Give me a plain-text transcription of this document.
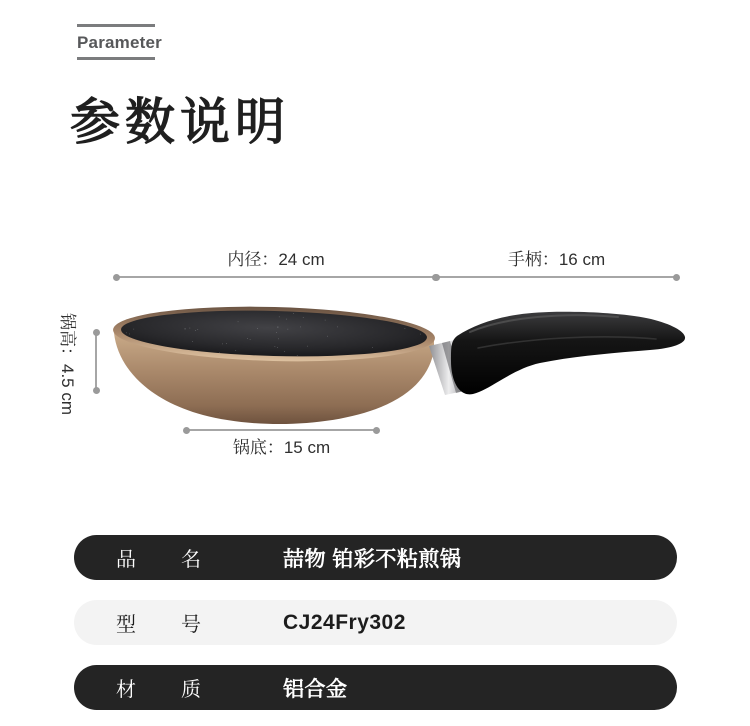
Parameter
参数说明
内径：24 cm	手柄：16 cm
锅高：4.5 cm
锅底：15 cm
品名	喆物 铂彩不粘煎锅
型号	CJ24Fry302
材质	铝合金
